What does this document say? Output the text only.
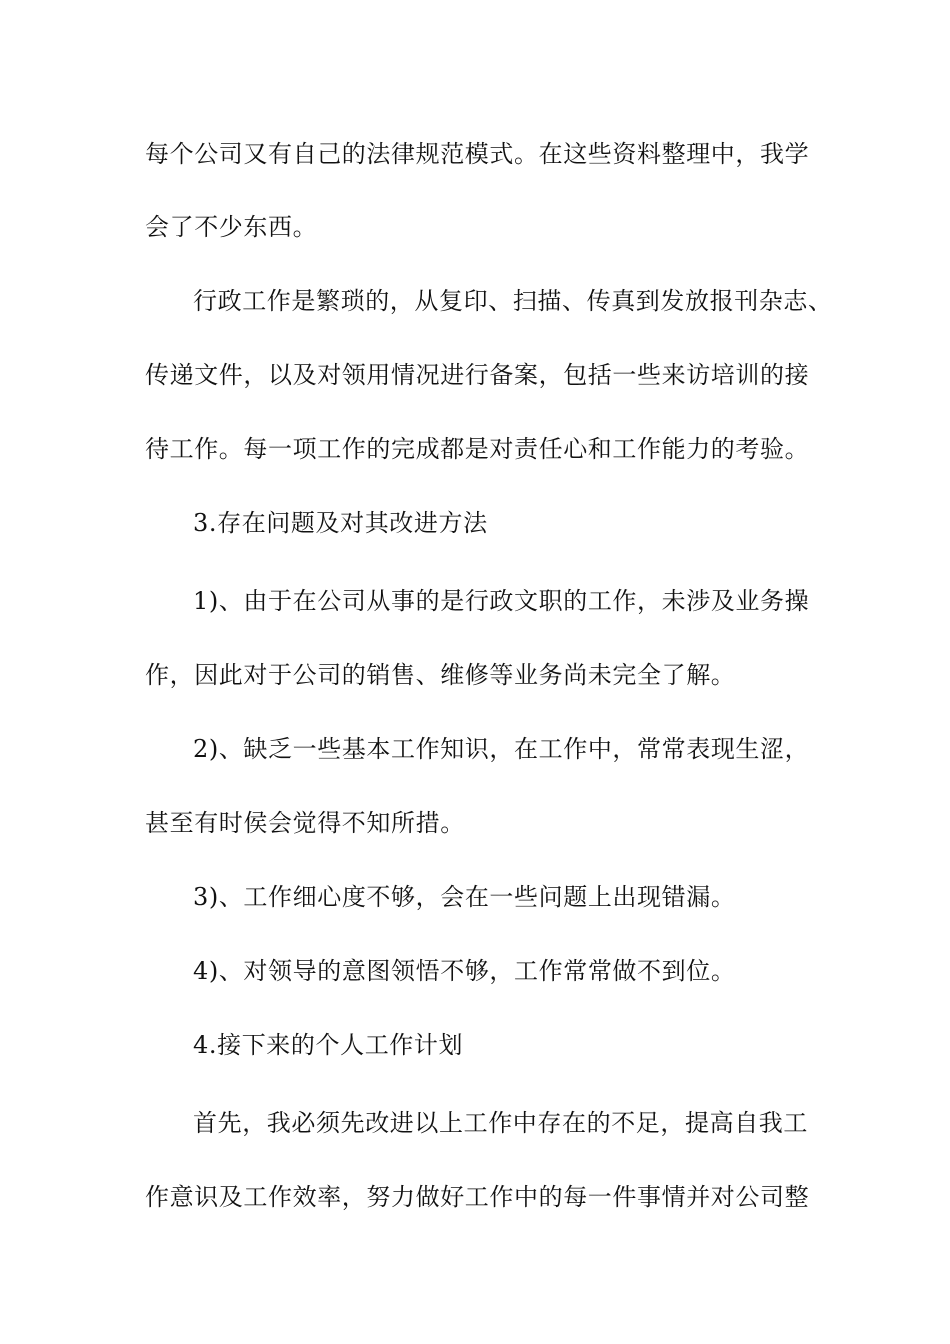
每个公司又有自己的法律规范模式。在这些资料整理中，我学
会了不少东西。
行政工作是繁琐的，从复印、扫描、传真到发放报刊杂志、
传递文件，以及对领用情况进行备案，包括一些来访培训的接
待工作。每一项工作的完成都是对责任心和工作能力的考验。
3.存在问题及对其改进方法
1)、由于在公司从事的是行政文职的工作，未涉及业务操
作，因此对于公司的销售、维修等业务尚未完全了解。
2)、缺乏一些基本工作知识，在工作中，常常表现生涩，
甚至有时侯会觉得不知所措。
3)、工作细心度不够，会在一些问题上出现错漏。
4)、对领导的意图领悟不够，工作常常做不到位。
4.接下来的个人工作计划
首先，我必须先改进以上工作中存在的不足，提高自我工
作意识及工作效率，努力做好工作中的每一件事情并对公司整
